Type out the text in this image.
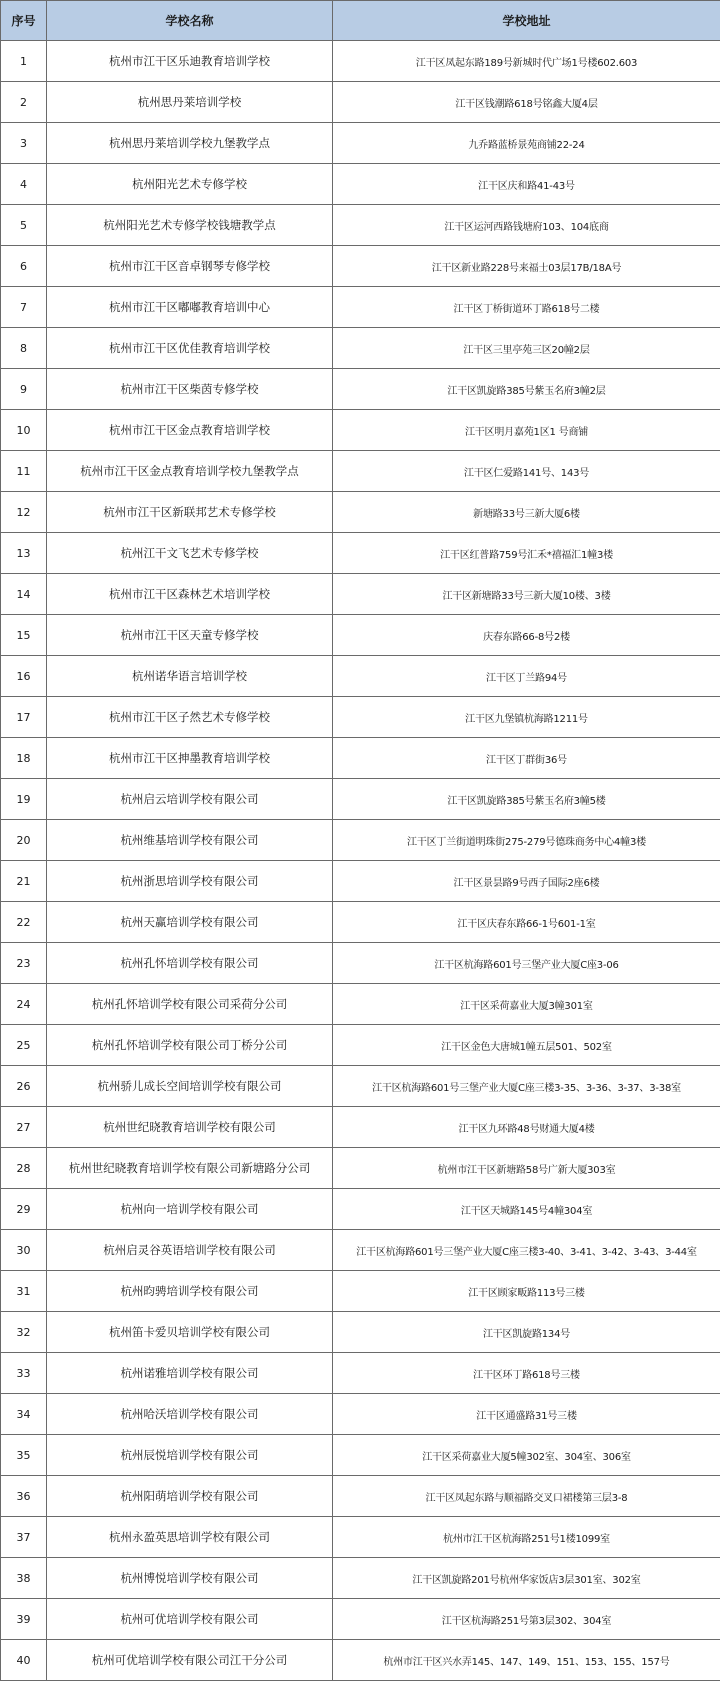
序号	学校名称	学校地址
1	杭州市江干区乐迪教育培训学校	江干区凤起东路189号新城时代广场1号楼602.603
2	杭州思丹莱培训学校	江干区钱潮路618号铭鑫大厦4层
3	杭州思丹莱培训学校九堡教学点	九乔路蓝桥景苑商铺22-24
4	杭州阳光艺术专修学校	江干区庆和路41-43号
5	杭州阳光艺术专修学校钱塘教学点	江干区运河西路钱塘府103、104底商
6	杭州市江干区音卓钢琴专修学校	江干区新业路228号来福士03层17B/18A号
7	杭州市江干区嘟嘟教育培训中心	江干区丁桥街道环丁路618号二楼
8	杭州市江干区优佳教育培训学校	江干区三里亭苑三区20幢2层
9	杭州市江干区柴茵专修学校	江干区凯旋路385号紫玉名府3幢2层
10	杭州市江干区金点教育培训学校	江干区明月嘉苑1区1 号商铺
11	杭州市江干区金点教育培训学校九堡教学点	江干区仁爱路141号、143号
12	杭州市江干区新联邦艺术专修学校	新塘路33号三新大厦6楼
13	杭州江干文飞艺术专修学校	江干区红普路759号汇禾*禧福汇1幢3楼
14	杭州市江干区森林艺术培训学校	江干区新塘路33号三新大厦10楼、3楼
15	杭州市江干区天童专修学校	庆春东路66-8号2楼
16	杭州诺华语言培训学校	江干区丁兰路94号
17	杭州市江干区子然艺术专修学校	江干区九堡镇杭海路1211号
18	杭州市江干区抻墨教育培训学校	江干区丁群街36号
19	杭州启云培训学校有限公司	江干区凯旋路385号紫玉名府3幢5楼
20	杭州维基培训学校有限公司	江干区丁兰街道明珠街275-279号德珠商务中心4幢3楼
21	杭州浙思培训学校有限公司	江干区景昙路9号西子国际2座6楼
22	杭州天赢培训学校有限公司	江干区庆春东路66-1号601-1室
23	杭州孔怀培训学校有限公司	江干区杭海路601号三堡产业大厦C座3-06
24	杭州孔怀培训学校有限公司采荷分公司	江干区采荷嘉业大厦3幢301室
25	杭州孔怀培训学校有限公司丁桥分公司	江干区金色大唐城1幢五层501、502室
26	杭州骄儿成长空间培训学校有限公司	江干区杭海路601号三堡产业大厦C座三楼3-35、3-36、3-37、3-38室
27	杭州世纪晓教育培训学校有限公司	江干区九环路48号财通大厦4楼
28	杭州世纪晓教育培训学校有限公司新塘路分公司	杭州市江干区新塘路58号广新大厦303室
29	杭州向一培训学校有限公司	江干区天城路145号4幢304室
30	杭州启灵谷英语培训学校有限公司	江干区杭海路601号三堡产业大厦C座三楼3-40、3-41、3-42、3-43、3-44室
31	杭州昀骋培训学校有限公司	江干区顾家畈路113号三楼
32	杭州笛卡爱贝培训学校有限公司	江干区凯旋路134号
33	杭州诺雅培训学校有限公司	江干区环丁路618号三楼
34	杭州哈沃培训学校有限公司	江干区通盛路31号三楼
35	杭州辰悦培训学校有限公司	江干区采荷嘉业大厦5幢302室、304室、306室
36	杭州阳萌培训学校有限公司	江干区凤起东路与顺福路交叉口裙楼第三层3-8
37	杭州永盈英思培训学校有限公司	杭州市江干区杭海路251号1楼1099室
38	杭州博悦培训学校有限公司	江干区凯旋路201号杭州华家饭店3层301室、302室
39	杭州可优培训学校有限公司	江干区杭海路251号第3层302、304室
40	杭州可优培训学校有限公司江干分公司	杭州市江干区兴水弄145、147、149、151、153、155、157号
